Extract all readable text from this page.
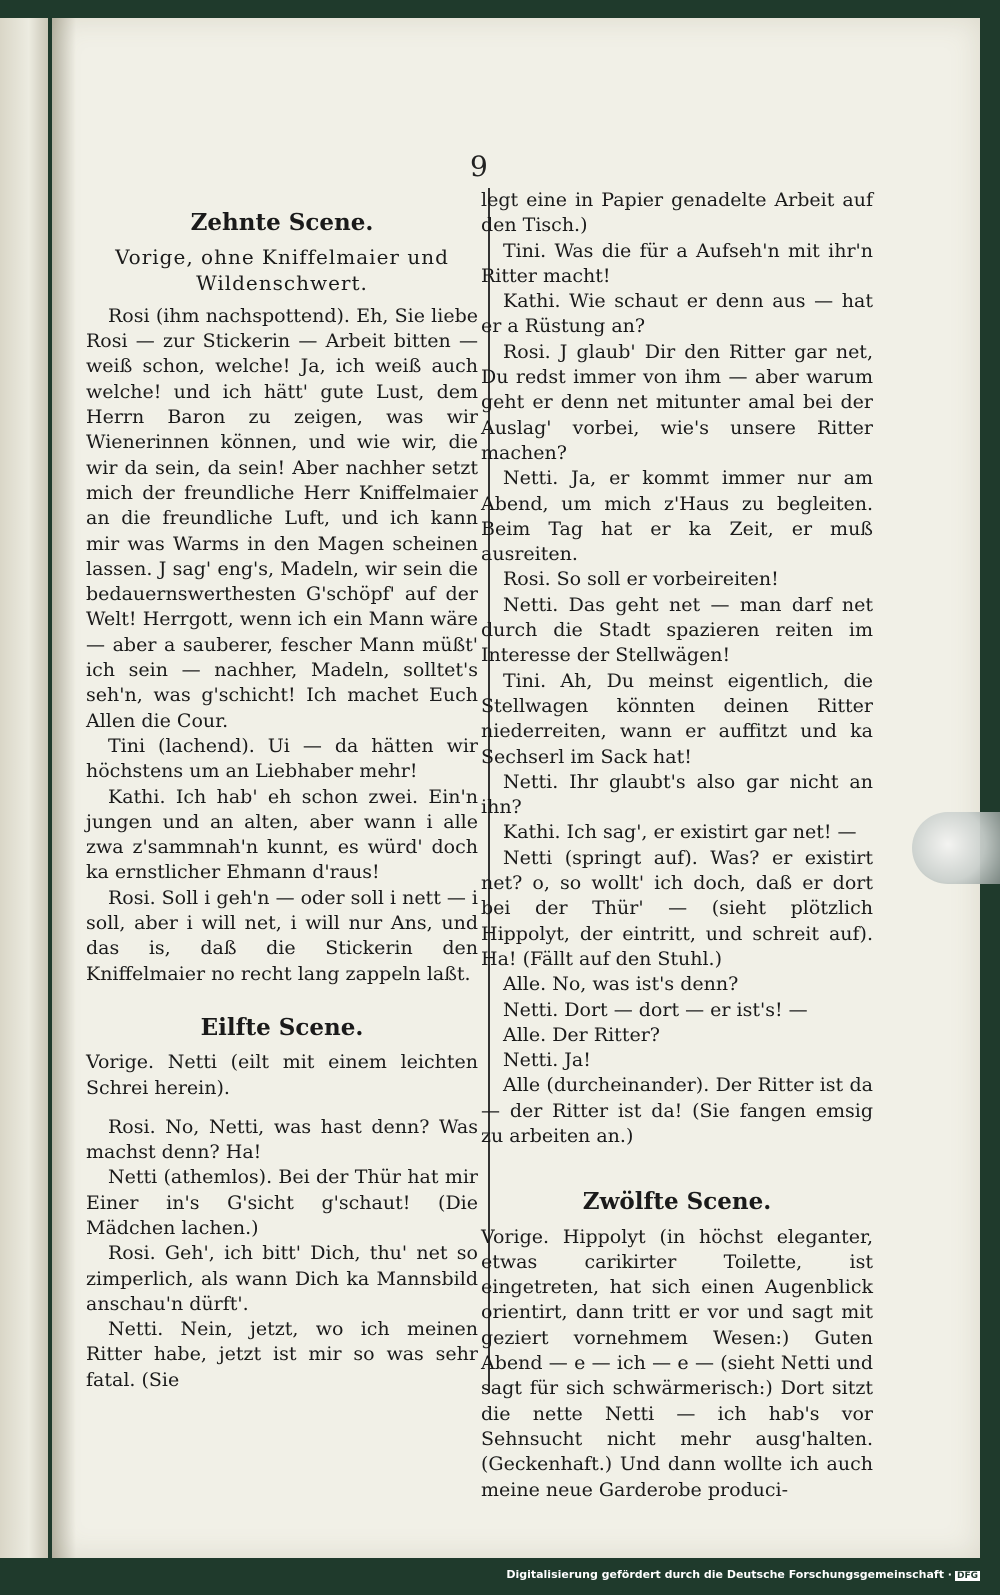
9
Zehnte Scene.
Vorige, ohne Kniffelmaier und Wildenschwert.

Rosi (ihm nachspottend). Eh, Sie liebe Rosi — zur Stickerin — Arbeit bitten — weiß schon, welche! Ja, ich weiß auch welche! und ich hätt' gute Lust, dem Herrn Baron zu zeigen, was wir Wienerinnen können, und wie wir, die wir da sein, da sein! Aber nachher setzt mich der freundliche Herr Kniffelmaier an die freundliche Luft, und ich kann mir was Warms in den Magen scheinen lassen. J sag' eng's, Madeln, wir sein die bedauernswerthesten G'schöpf' auf der Welt! Herrgott, wenn ich ein Mann wäre — aber a sauberer, fescher Mann müßt' ich sein — nachher, Madeln, solltet's seh'n, was g'schicht! Ich machet Euch Allen die Cour.

Tini (lachend). Ui — da hätten wir höchstens um an Liebhaber mehr!

Kathi. Ich hab' eh schon zwei. Ein'n jungen und an alten, aber wann i alle zwa z'sammnah'n kunnt, es würd' doch ka ernstlicher Ehmann d'raus!

Rosi. Soll i geh'n — oder soll i nett — i soll, aber i will net, i will nur Ans, und das is, daß die Stickerin den Kniffelmaier no recht lang zappeln laßt.

Eilfte Scene.

Vorige. Netti (eilt mit einem leichten Schrei herein).

Rosi. No, Netti, was hast denn? Was machst denn? Ha!

Netti (athemlos). Bei der Thür hat mir Einer in's G'sicht g'schaut! (Die Mädchen lachen.)

Rosi. Geh', ich bitt' Dich, thu' net so zimperlich, als wann Dich ka Mannsbild anschau'n dürft'.

Netti. Nein, jetzt, wo ich meinen Ritter habe, jetzt ist mir so was sehr fatal. (Sie

legt eine in Papier genadelte Arbeit auf den Tisch.)

Tini. Was die für a Aufseh'n mit ihr'n Ritter macht!

Kathi. Wie schaut er denn aus — hat er a Rüstung an?

Rosi. J glaub' Dir den Ritter gar net, Du redst immer von ihm — aber warum geht er denn net mitunter amal bei der Auslag' vorbei, wie's unsere Ritter machen?

Netti. Ja, er kommt immer nur am Abend, um mich z'Haus zu begleiten. Beim Tag hat er ka Zeit, er muß ausreiten.

Rosi. So soll er vorbeireiten!

Netti. Das geht net — man darf net durch die Stadt spazieren reiten im Interesse der Stellwägen!

Tini. Ah, Du meinst eigentlich, die Stellwagen könnten deinen Ritter niederreiten, wann er auffitzt und ka Sechserl im Sack hat!

Netti. Ihr glaubt's also gar nicht an ihn?

Kathi. Ich sag', er existirt gar net! —

Netti (springt auf). Was? er existirt net? o, so wollt' ich doch, daß er dort bei der Thür' — (sieht plötzlich Hippolyt, der eintritt, und schreit auf). Ha! (Fällt auf den Stuhl.)

Alle. No, was ist's denn?

Netti. Dort — dort — er ist's! —

Alle. Der Ritter?

Netti. Ja!

Alle (durcheinander). Der Ritter ist da — der Ritter ist da! (Sie fangen emsig zu arbeiten an.)

Zwölfte Scene.

Vorige. Hippolyt (in höchst eleganter, etwas carikirter Toilette, ist eingetreten, hat sich einen Augenblick orientirt, dann tritt er vor und sagt mit geziert vornehmem Wesen:) Guten Abend — e — ich — e — (sieht Netti und sagt für sich schwärmerisch:) Dort sitzt die nette Netti — ich hab's vor Sehnsucht nicht mehr ausg'halten. (Geckenhaft.) Und dann wollte ich auch meine neue Garderobe produci-

Digitalisierung gefördert durch die Deutsche Forschungsgemeinschaft · DFG
